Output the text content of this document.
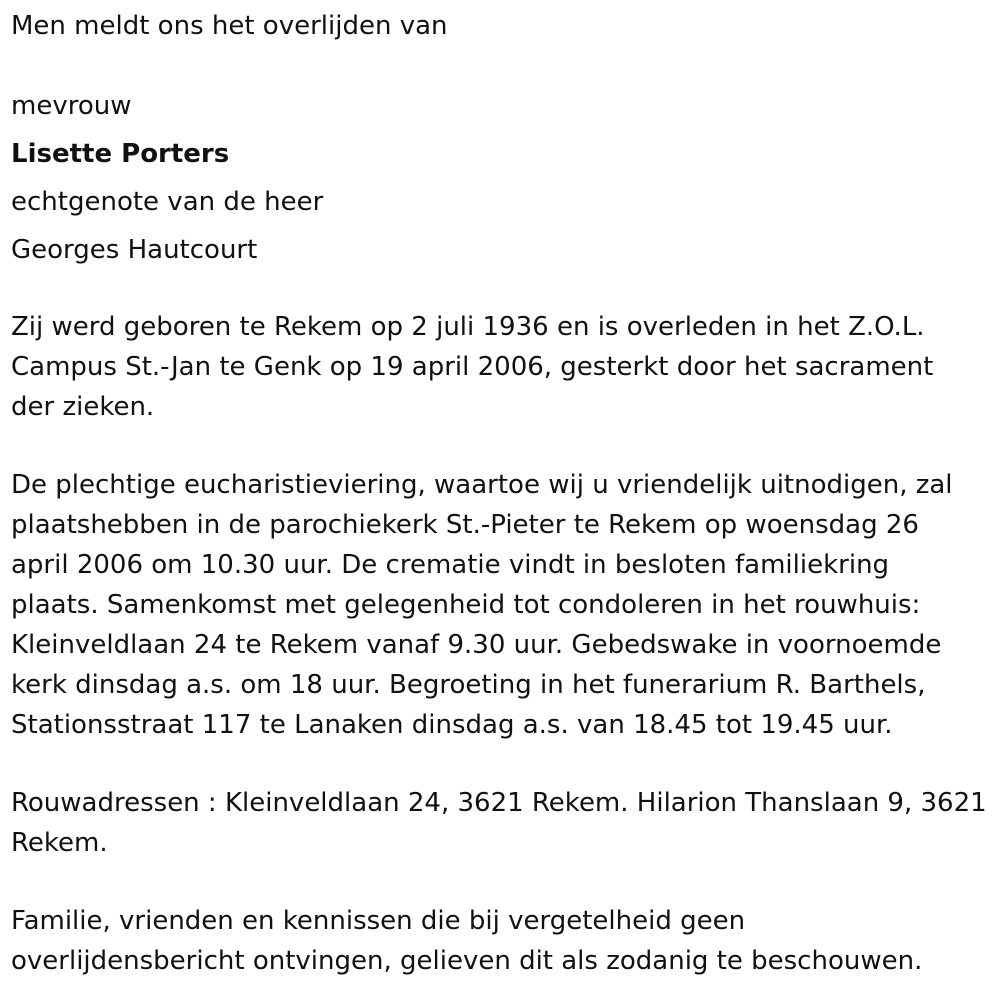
Men meldt ons het overlijden van

mevrouw

Lisette Porters

echtgenote van de heer

Georges Hautcourt

Zij werd geboren te Rekem op 2 juli 1936 en is overleden in het Z.O.L.

Campus St.-Jan te Genk op 19 april 2006, gesterkt door het sacrament

der zieken.

De plechtige eucharistieviering, waartoe wij u vriendelijk uitnodigen, zal

plaatshebben in de parochiekerk St.-Pieter te Rekem op woensdag 26

april 2006 om 10.30 uur. De crematie vindt in besloten familiekring

plaats. Samenkomst met gelegenheid tot condoleren in het rouwhuis:

Kleinveldlaan 24 te Rekem vanaf 9.30 uur. Gebedswake in voornoemde

kerk dinsdag a.s. om 18 uur. Begroeting in het funerarium R. Barthels,

Stationsstraat 117 te Lanaken dinsdag a.s. van 18.45 tot 19.45 uur.

Rouwadressen : Kleinveldlaan 24, 3621 Rekem. Hilarion Thanslaan 9, 3621

Rekem.

Familie, vrienden en kennissen die bij vergetelheid geen

overlijdensbericht ontvingen, gelieven dit als zodanig te beschouwen.
